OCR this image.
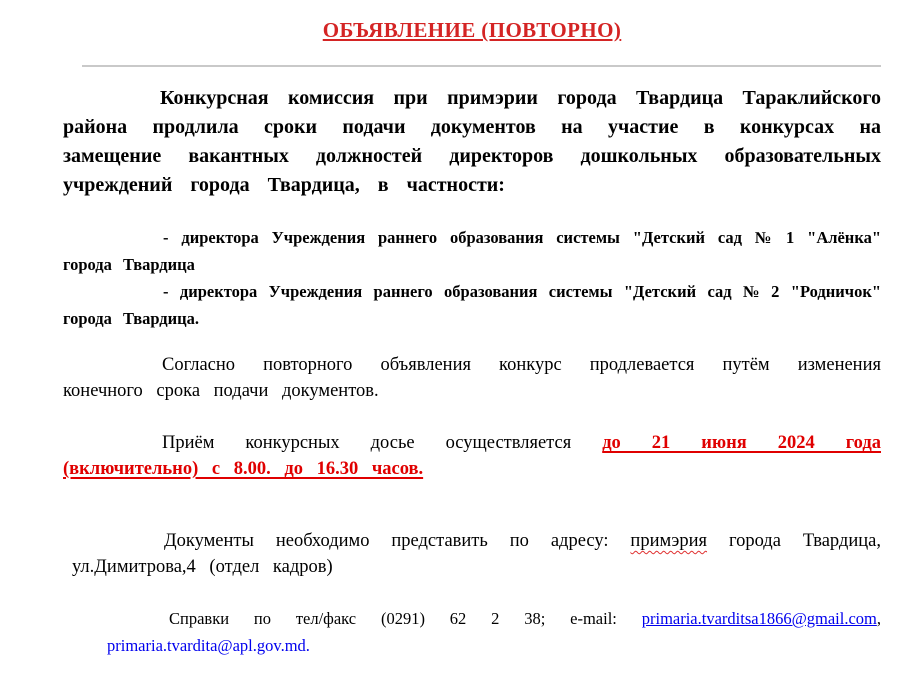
ОБЪЯВЛЕНИЕ (ПОВТОРНО)

Конкурсная комиссия при примэрии города Твардица Тараклийского района продлила сроки подачи документов на участие в конкурсах на замещение вакантных должностей директоров дошкольных образовательных учреждений города Твардица, в частности:

- директора Учреждения раннего образования системы "Детский сад № 1 "Алёнка" города Твардица

- директора Учреждения раннего образования системы "Детский сад № 2 "Родничок" города Твардица.

Согласно повторного объявления конкурс продлевается путём изменения конечного срока подачи документов.

Приём конкурсных досье осуществляется до 21 июня 2024 года (включительно) с 8.00. до 16.30 часов.

Документы необходимо представить по адресу: примэрия города Твардица, ул.Димитрова,4 (отдел кадров)

Справки по тел/факс (0291) 62 2 38; e-mail: primaria.tvarditsa1866@gmail.com, primaria.tvardita@apl.gov.md.
